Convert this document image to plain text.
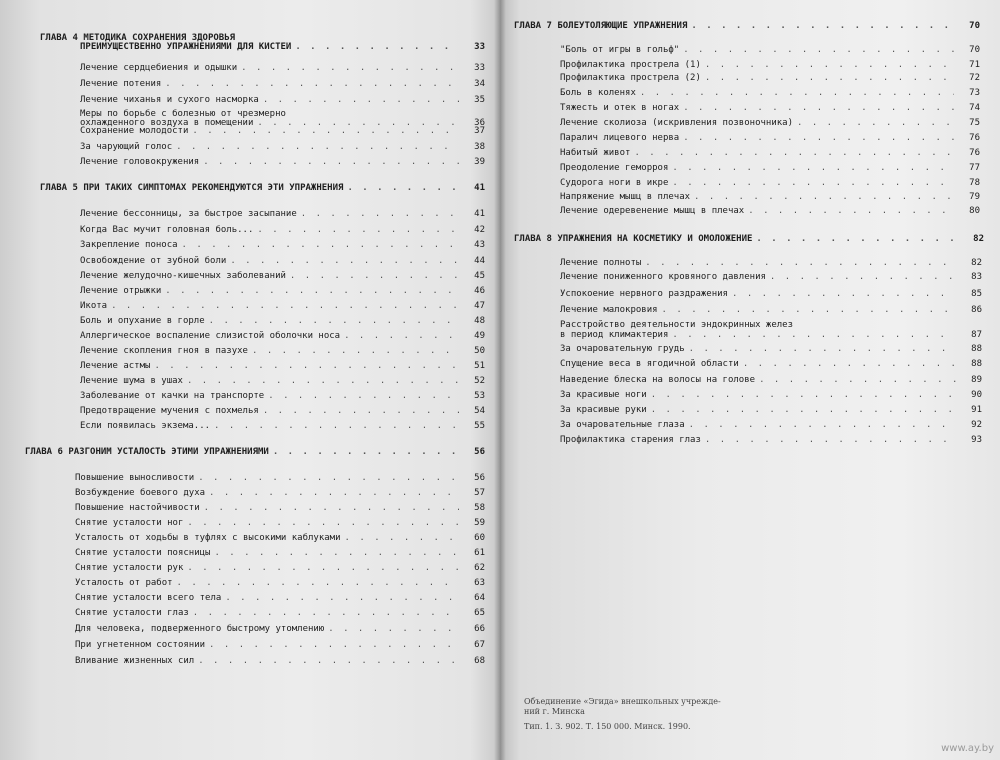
ГЛАВА 4 МЕТОДИКА СОХРАНЕНИЯ ЗДОРОВЬЯ
ПРЕИМУЩЕСТВЕННО УПРАЖНЕНИЯМИ ДЛЯ КИСТЕЙ . . .	33
Лечение сердцебиения и одышки . . .	33
Лечение потения . . .	34
Лечение чиханья и сухого насморка . . .	35
Меры по борьбе с болезнью от чрезмерно
охлажденного воздуха в помещении . . .	36
Сохранение молодости . . .	37
За чарующий голос . . .	38
Лечение головокружения . . .	39
ГЛАВА 5 ПРИ ТАКИХ СИМПТОМАХ РЕКОМЕНДУЮТСЯ ЭТИ УПРАЖНЕНИЯ . . .	41
Лечение бессонницы, за быстрое засыпание . . .	41
Когда Вас мучит головная боль... . . .	42
Закрепление поноса . . .	43
Освобождение от зубной боли . . .	44
Лечение желудочно-кишечных заболеваний . . .	45
Лечение отрыжки . . .	46
Икота . . .	47
Боль и опухание в горле . . .	48
Аллергическое воспаление слизистой оболочки носа . . .	49
Лечение скопления гноя в пазухе . . .	50
Лечение астмы . . .	51
Лечение шума в ушах . . .	52
Заболевание от качки на транспорте . . .	53
Предотвращение мучения с похмелья . . .	54
Если появилась экзема... . . .	55
ГЛАВА 6 РАЗГОНИМ УСТАЛОСТЬ ЭТИМИ УПРАЖНЕНИЯМИ . . .	56
Повышение выносливости . . .	56
Возбуждение боевого духа . . .	57
Повышение настойчивости . . .	58
Снятие усталости ног . . .	59
Усталость от ходьбы в туфлях с высокими каблуками . . .	60
Снятие усталости поясницы . . .	61
Снятие усталости рук . . .	62
Усталость от работ . . .	63
Снятие усталости всего тела . . .	64
Снятие усталости глаз . . .	65
Для человека, подверженного быстрому утомлению . . .	66
При угнетенном состоянии . . .	67
Вливание жизненных сил . . .	68
ГЛАВА 7 БОЛЕУТОЛЯЮЩИЕ УПРАЖНЕНИЯ . . .	70
"Боль от игры в гольф" . . .	70
Профилактика прострела (1) . . .	71
Профилактика прострела (2) . . .	72
Боль в коленях . . .	73
Тяжесть и отек в ногах . . .	74
Лечение сколиоза (искривления позвоночника) . . .	75
Паралич лицевого нерва . . .	76
Набитый живот . . .	76
Преодоление геморроя . . .	77
Судорога ноги в икре . . .	78
Напряжение мышц в плечах . . .	79
Лечение одеревенение мышц в плечах . . .	80
ГЛАВА 8 УПРАЖНЕНИЯ НА КОСМЕТИКУ И ОМОЛОЖЕНИЕ . . .	82
Лечение полноты . . .	82
Лечение пониженного кровяного давления . . .	83
Успокоение нервного раздражения . . .	85
Лечение малокровия . . .	86
Расстройство деятельности эндокринных желез
в период климактерия . . .	87
За очаровательную грудь . . .	88
Спущение веса в ягодичной области . . .	88
Наведение блеска на волосы на голове . . .	89
За красивые ноги . . .	90
За красивые руки . . .	91
За очаровательные глаза . . .	92
Профилактика старения глаз . . .	93
Объединение «Эгида» внешкольных учрежде-
ний г. Минска
Тип. 1. З. 902. Т. 150 000. Минск. 1990.
www.ay.by
